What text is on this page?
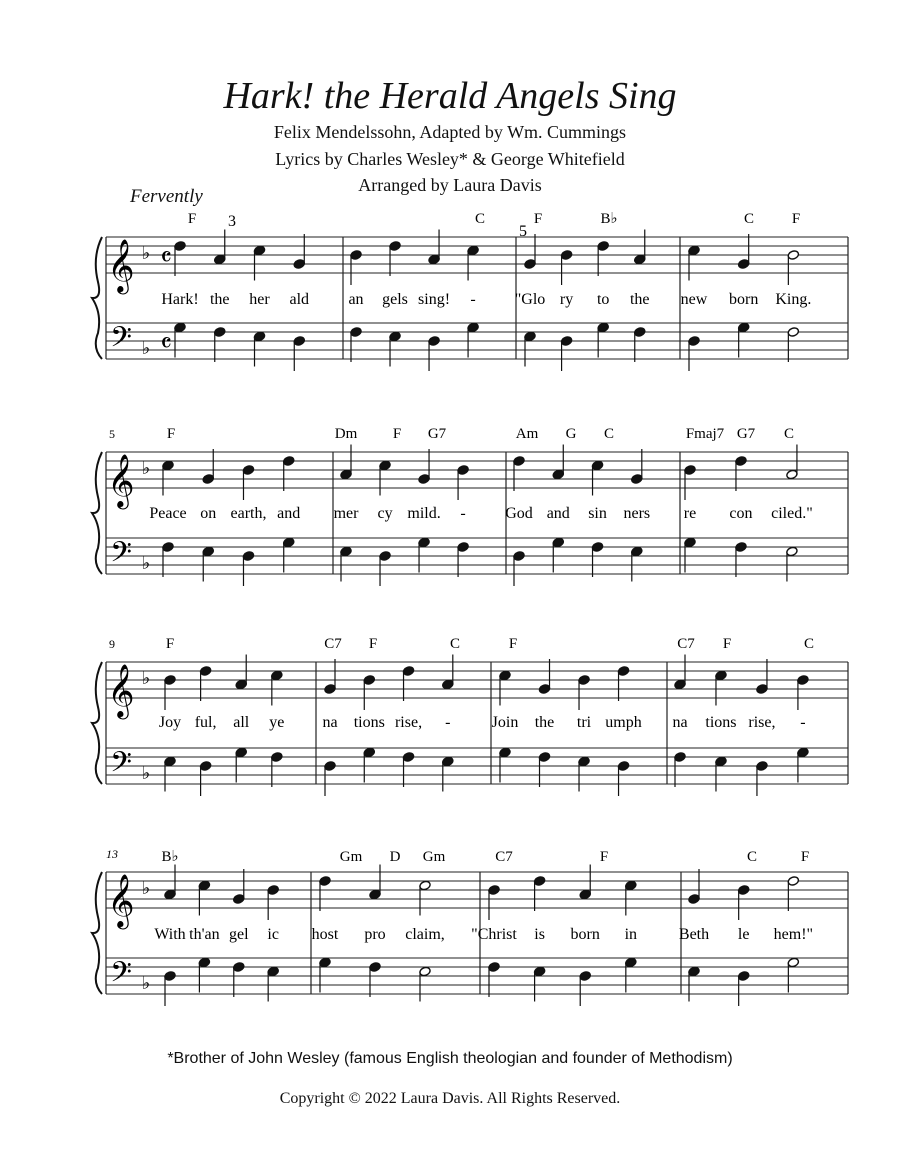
Hark! the Herald Angels Sing
Felix Mendelssohn, Adapted by Wm. Cummings
Lyrics by Charles Wesley* & George Whitefield
Arranged by Laura Davis
Fervently
𝄞
𝄢
♭
♭
𝄴
𝄴
3
5
F
Hark! the her ald
C
an gels sing! -
F	B♭
"Glo ry to the
C	F
new born King.
𝄞
𝄢
♭
♭
5	F
Peace on earth, and
Dm F G7
mer cy mild. -
Am G C
God and sin ners
Fmaj7 G7 C
re con ciled."
𝄞
𝄢
♭
♭
9	F
Joy ful, all ye
C7 F	C
na tions rise, -
F
Join the tri umph
C7 F	C
na tions rise, -
𝄞
𝄢
♭
♭
13	B♭
With th'an gel ic
Gm D Gm
host pro claim,
C7	F
"Christ is born in
C	F
Beth le hem!"
*Brother of John Wesley (famous English theologian and founder of Methodism)
Copyright © 2022 Laura Davis. All Rights Reserved.
